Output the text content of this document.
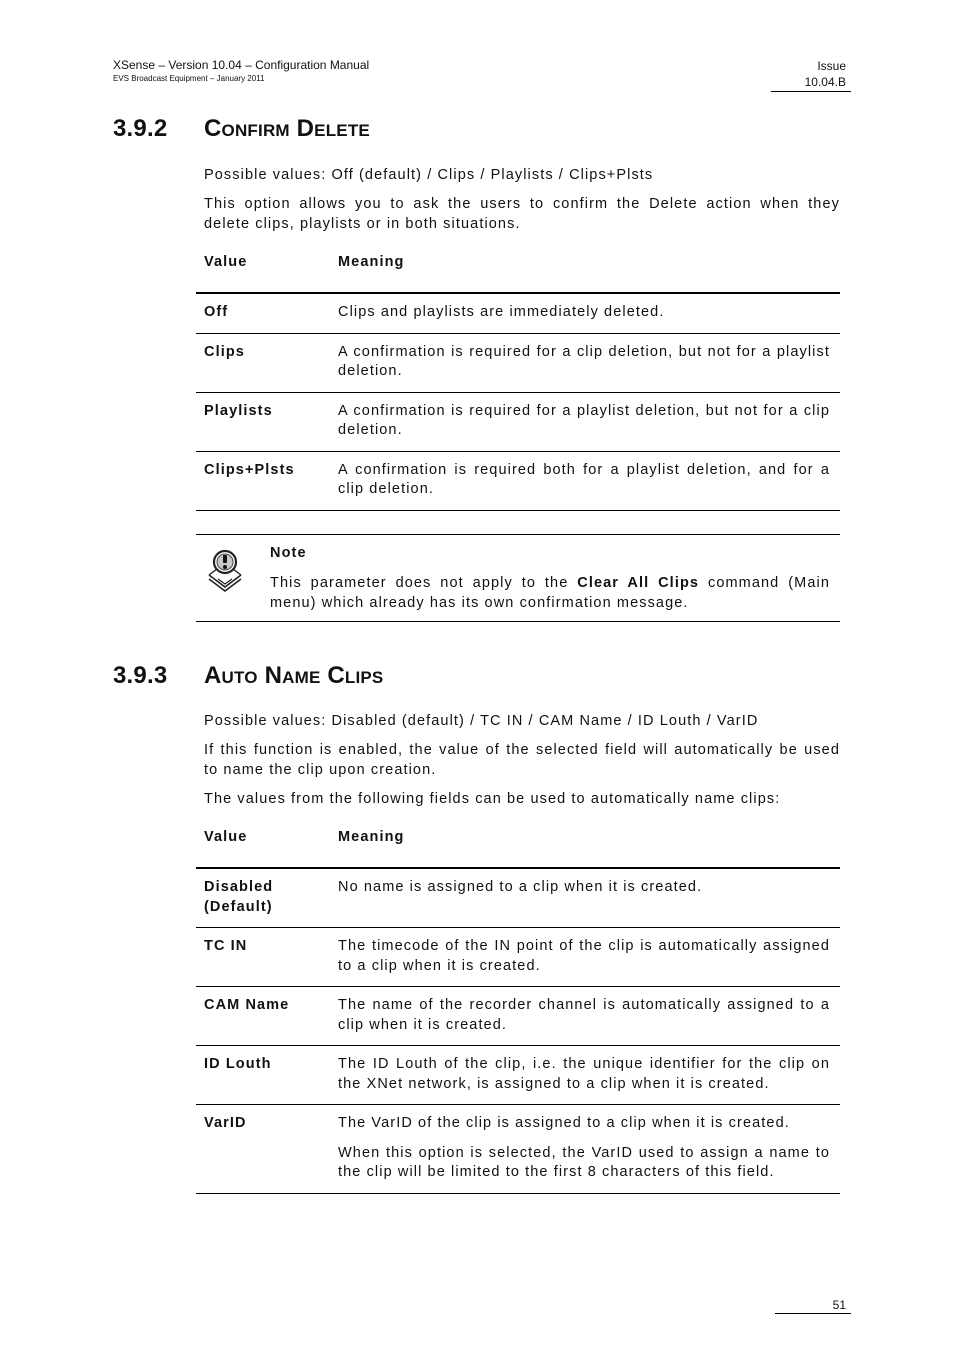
XSense – Version 10.04 – Configuration Manual
EVS Broadcast Equipment – January 2011
Issue
10.04.B
3.9.2 Confirm Delete

Possible values: Off (default) / Clips / Playlists / Clips+Plsts

This option allows you to ask the users to confirm the Delete action when they delete clips, playlists or in both situations.

Value	Meaning
Off	Clips and playlists are immediately deleted.
Clips	A confirmation is required for a clip deletion, but not for a playlist deletion.
Playlists	A confirmation is required for a playlist deletion, but not for a clip deletion.
Clips+Plsts	A confirmation is required both for a playlist deletion, and for a clip deletion.
Note
This parameter does not apply to the Clear All Clips command (Main menu) which already has its own confirmation message.
3.9.3 Auto Name Clips

Possible values: Disabled (default) / TC IN / CAM Name / ID Louth / VarID

If this function is enabled, the value of the selected field will automatically be used to name the clip upon creation.

The values from the following fields can be used to automatically name clips:

Value	Meaning

Disabled
(Default)	No name is assigned to a clip when it is created.
TC IN	The timecode of the IN point of the clip is automatically assigned to a clip when it is created.
CAM Name	The name of the recorder channel is automatically assigned to a clip when it is created.
ID Louth	The ID Louth of the clip, i.e. the unique identifier for the clip on the XNet network, is assigned to a clip when it is created.
VarID	The VarID of the clip is assigned to a clip when it is created.

When this option is selected, the VarID used to assign a name to the clip will be limited to the first 8 characters of this field.

51
